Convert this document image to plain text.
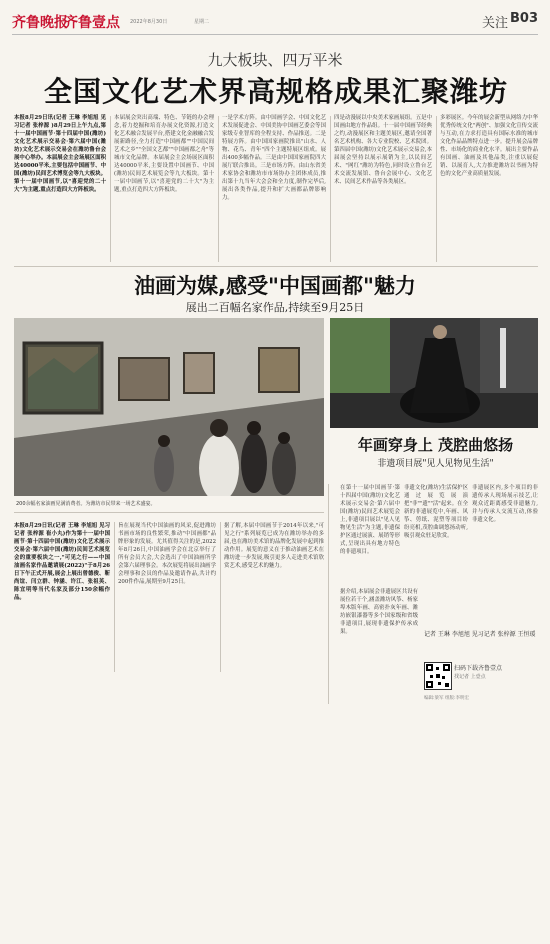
齐鲁晚报
齐鲁壹点 2022年8月30日	星期二	关注 B03
九大板块、四万平米
全国文化艺术界高规格成果汇聚潍坊
本报8月29日讯(记者 王琳 李旭旭 见习记者 张梓源 )8月29日上午九点,第十一届中国画节·第十四届中国(潍坊)文化艺术展示交易会·第六届中国(潍坊)文化艺术展示交易会在潍坊鲁台会展中心举办。本届展会主会场展区面积达40000平米,主要包括中国画节、中国(潍坊)民间艺术博览会等九大板块。第十一届中国画节,以"喜迎党的二十大"为主题,重点打造四大方阵板块。
本届展会突出高端、特色、节链的办会理念,着力挖掘和培育办展文化资源,打造文化艺术融合发展平台,搭建文化金融融合发展新路径,全力打造"中国画都""中国民间艺术之乡""全国文艺都""中国画都之舟"等城市文化品牌。本届展会主会场展区面积达40000平米,主要设置中国画节、中国(潍坊)民间艺术展览会等九大板块。第十一届中国画节,以"喜迎党的二十大"为主题,重点打造四大方阵板块。
一是学术方阵。由中国画学会、中国文化艺术发展促进会、中国美协中国画艺委会等国家级专业智库的全程支持、作品推送。二是特展方阵。由中国国家画院推出"山水、人物、花鸟、青年"四个主题特展区组成。展出400多幅作品。三是由中国国家画院四大展厅联合推出。三是市场方阵。由山东省美术家协会和潍坊市市场协办主团体成员,推出第十九当年大会会和全力度,制作完毕后,展出各类作品,提升和扩大画都品牌影响力。
四是动漫展以中央美术家画展组。五是中国画由地方作品组。十一届中国画节经典之约,动漫展区和主题美展区,邀请全国著名艺术机构、各大专业院校、艺术院团。第四届中国(潍坊)文化艺术展示交易会,本届展会坚持以展示展销为主,以民间艺术、"网红"潍坊为特色,同时设立鲁台艺术交流发展馆、鲁台会展中心、文化艺术、民间艺术作品等各类展区。
多彩展区。今年的展会新型从网络力中华优秀传统文化"两创"、加强文化宣传交流与互动,在力求打造具有国际水准的城市文化作品品牌特点进一步。提升展会品牌性、市场化的商业化水平。展出主要作品有国画、油画及其他品类,注重以展促销、以展育人,大力推进潍坊以书画为特色的文化产业高质量发展。
油画为媒,感受"中国画都"魅力
展出二百幅名家作品,持续至9月25日
200余幅名家油画见满消费者。为潍坊市民带来一场艺术盛宴。
年画穿身上 茂腔曲悠扬
非遗项目展"见人见物见生活"
本报8月29日讯(记者 王琳 李旭旭 见习记者 张梓源 崔小丸)作为第十一届中国画节·第十四届中国(潍坊)文化艺术展示交易会·第六届中国(潍坊)民间艺术展览会的重要板块之一,"可见之行——中国油画名家作品邀请展(2022)"于8月26日下午正式开展,展会上展出曾德俊、靳尚谊、闫立群、钟涵、许江、张祖英、陈宜明等当代名家及部分150余幅作品。
旨在展现当代中国油画的风采,促进潍坊书画市场的良性繁荣,推动"中国画都"品牌形象的发展。尤其值得关注的是,2022年8月26日,中国油画学会在北京举行了所有会员大会,大会选出了中国油画所学会第六届理事会。本次展览将展出油画学会理事和会员的作品及邀请作品,共计约200件作品,展期至9月25日。
据了解,本届中国画节于2014年以来,"可见之行"系列展览已成为在潍坊举办的多届,也在潍坊美术馆的品牌化发展中起到推动作用。展览的意义在于推动油画艺术在潍坊进一步发展,吸引更多人走进美术馆欣赏艺术,感受艺术的魅力。
在第十一届中国画节·第十四届中国(潍坊)文化艺术展示交易会·第六届中国(潍坊)民间艺术展览会上,非遗项目展以"见人见物见生活"为主题,非遗保护区通过展演、展销等形式,呈现出具有地方特色的非遗项目。
非遗文化(潍坊)生活保护区通过展览展演把"非""遗""活"起来。在全新的非遗展览中,年画、风筝、剪纸、泥塑等项目纷纷亮相,茂腔曲调悠扬动听,吸引观众驻足欣赏。
非遗展区内,多个项目的非遗传承人现场展示技艺,让观众近距离感受非遗魅力,并与传承人交流互动,体验非遗文化。
据介绍,本届展会非遗展区共设有展位若干个,涵盖潍坊风筝、杨家埠木版年画、高密扑灰年画、潍坊嵌银漆器等多个国家级和省级非遗项目,展现非遗保护传承成果。	记者 王琳 李旭旭 见习记者 张梓源 王恒瑗
扫码下载齐鲁壹点
找记者 上壹点
编辑:梁军 组版:李明宏
